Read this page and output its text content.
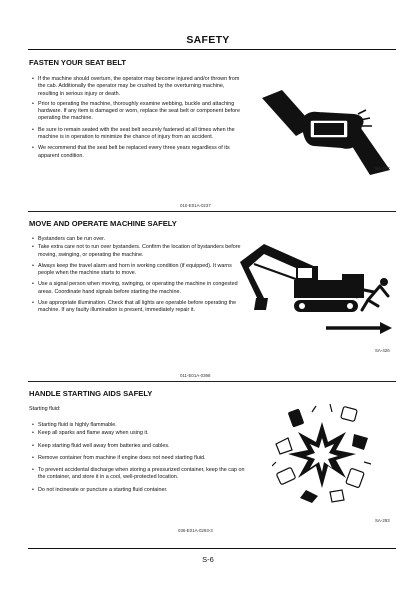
SAFETY
FASTEN YOUR SEAT BELT
• If the machine should overturn, the operator may become injured and/or thrown from the cab. Additionally the operator may be crushed by the overturning machine, resulting in serious injury or death.
• Prior to operating the machine, thoroughly examine webbing, buckle and attaching hardware. If any item is damaged or worn, replace the seat belt or component before operating the machine.
• Be sure to remain seated with the seat belt securely fastened at all times when the machine is in operation to minimize the chance of injury from an accident.
• We recommend that the seat belt be replaced every three years regardless of its apparent condition.
SA-237
010-E01A-0237
MOVE AND OPERATE MACHINE SAFELY
• Bystanders can be run over.
• Take extra care not to run over bystanders. Confirm the location of bystanders before moving, swinging, or operating the machine.
• Always keep the travel alarm and horn in working condition (if equipped). It warns people when the machine starts to move.
• Use a signal person when moving, swinging, or operating the machine in congested areas. Coordinate hand signals before starting the machine.
• Use appropriate illumination. Check that all lights are operable before operating the machine. If any faulty illumination is present, immediately repair it.
SA-426
011-E01A-0398
HANDLE STARTING AIDS SAFELY
Starting fluid:
• Starting fluid is highly flammable.
• Keep all sparks and flame away when using it.
• Keep starting fluid well away from batteries and cables.
• Remove container from machine if engine does not need starting fluid.
• To prevent accidental discharge when storing a pressurized container, keep the cap on the container, and store it in a cool, well-protected location.
• Do not incinerate or puncture a starting fluid container.
SA-293
036-E01A-0293-3
S-6
